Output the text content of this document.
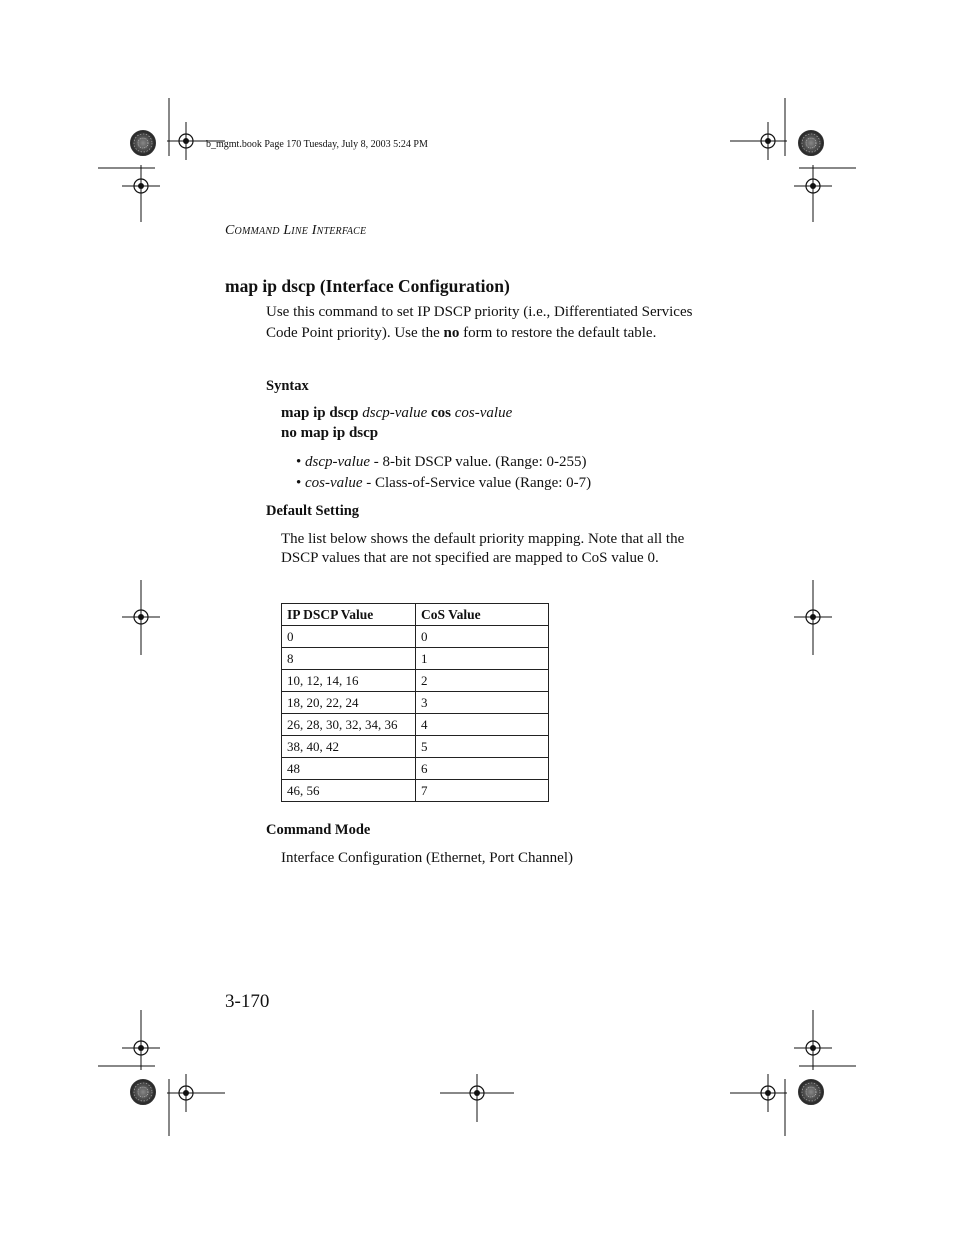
b_mgmt.book Page 170 Tuesday, July 8, 2003 5:24 PM
Command Line Interface
map ip dscp (Interface Configuration)
Use this command to set IP DSCP priority (i.e., Differentiated Services Code Point priority). Use the no form to restore the default table.
Syntax
map ip dscp dscp-value cos cos-value
no map ip dscp
• dscp-value - 8-bit DSCP value. (Range: 0-255)
• cos-value - Class-of-Service value (Range: 0-7)
Default Setting
The list below shows the default priority mapping. Note that all the DSCP values that are not specified are mapped to CoS value 0.
IP DSCP Value	CoS Value
0	0
8	1
10, 12, 14, 16	2
18, 20, 22, 24	3
26, 28, 30, 32, 34, 36	4
38, 40, 42	5
48	6
46, 56	7
Command Mode
Interface Configuration (Ethernet, Port Channel)
3-170
